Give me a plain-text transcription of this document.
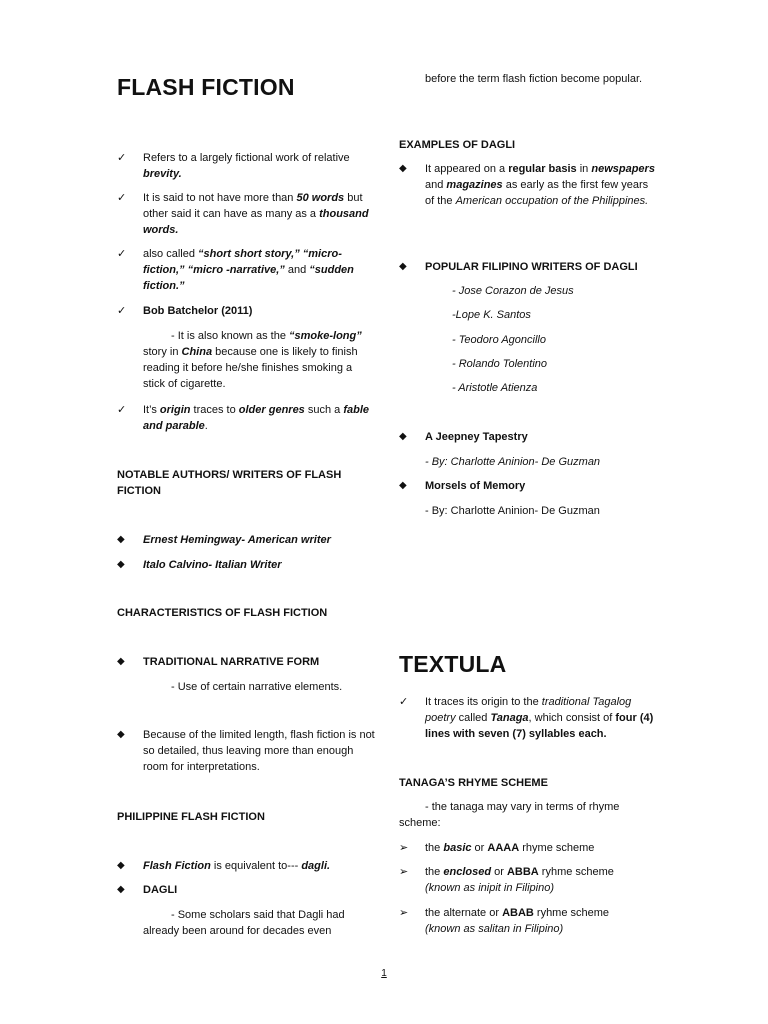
FLASH FICTION
✓	Refers to a largely fictional work of relative brevity.
✓	It is said to not have more than 50 words but other said it can have as many as a thousand words.
✓	also called “short short story,” “micro-fiction,” “micro -narrative,” and “sudden fiction.”
✓	Bob Batchelor (2011)
- It is also known as the “smoke-long” story in China because one is likely to finish reading it before he/she finishes smoking a stick of cigarette.
✓	It’s origin traces to older genres such a fable and parable.
NOTABLE AUTHORS/ WRITERS OF FLASH FICTION
◆	Ernest Hemingway- American writer
◆	Italo Calvino- Italian Writer
CHARACTERISTICS OF FLASH FICTION
◆	TRADITIONAL NARRATIVE FORM
- Use of certain narrative elements.
◆	Because of the limited length, flash fiction is not so detailed, thus leaving more than enough room for interpretations.
PHILIPPINE FLASH FICTION
◆	Flash Fiction is equivalent to--- dagli.
◆	DAGLI
- Some scholars said that Dagli had already been around for decades even
before the term flash fiction become popular.
EXAMPLES OF DAGLI
◆	It appeared on a regular basis in newspapers and magazines as early as the first few years of the American occupation of the Philippines.
◆	POPULAR FILIPINO WRITERS OF DAGLI
- Jose Corazon de Jesus
-Lope K. Santos
- Teodoro Agoncillo
- Rolando Tolentino
- Aristotle Atienza
◆	A Jeepney Tapestry
- By: Charlotte Aninion- De Guzman
◆	Morsels of Memory
- By: Charlotte Aninion- De Guzman
TEXTULA
✓	It traces its origin to the traditional Tagalog poetry called Tanaga, which consist of four (4) lines with seven (7) syllables each.
TANAGA’S RHYME SCHEME
- the tanaga may vary in terms of rhyme scheme:
➢	the basic or AAAA rhyme scheme
➢	the enclosed or ABBA ryhme scheme
(known as inipit in Filipino)
➢	the alternate or ABAB ryhme scheme
(known as salitan in Filipino)
1
